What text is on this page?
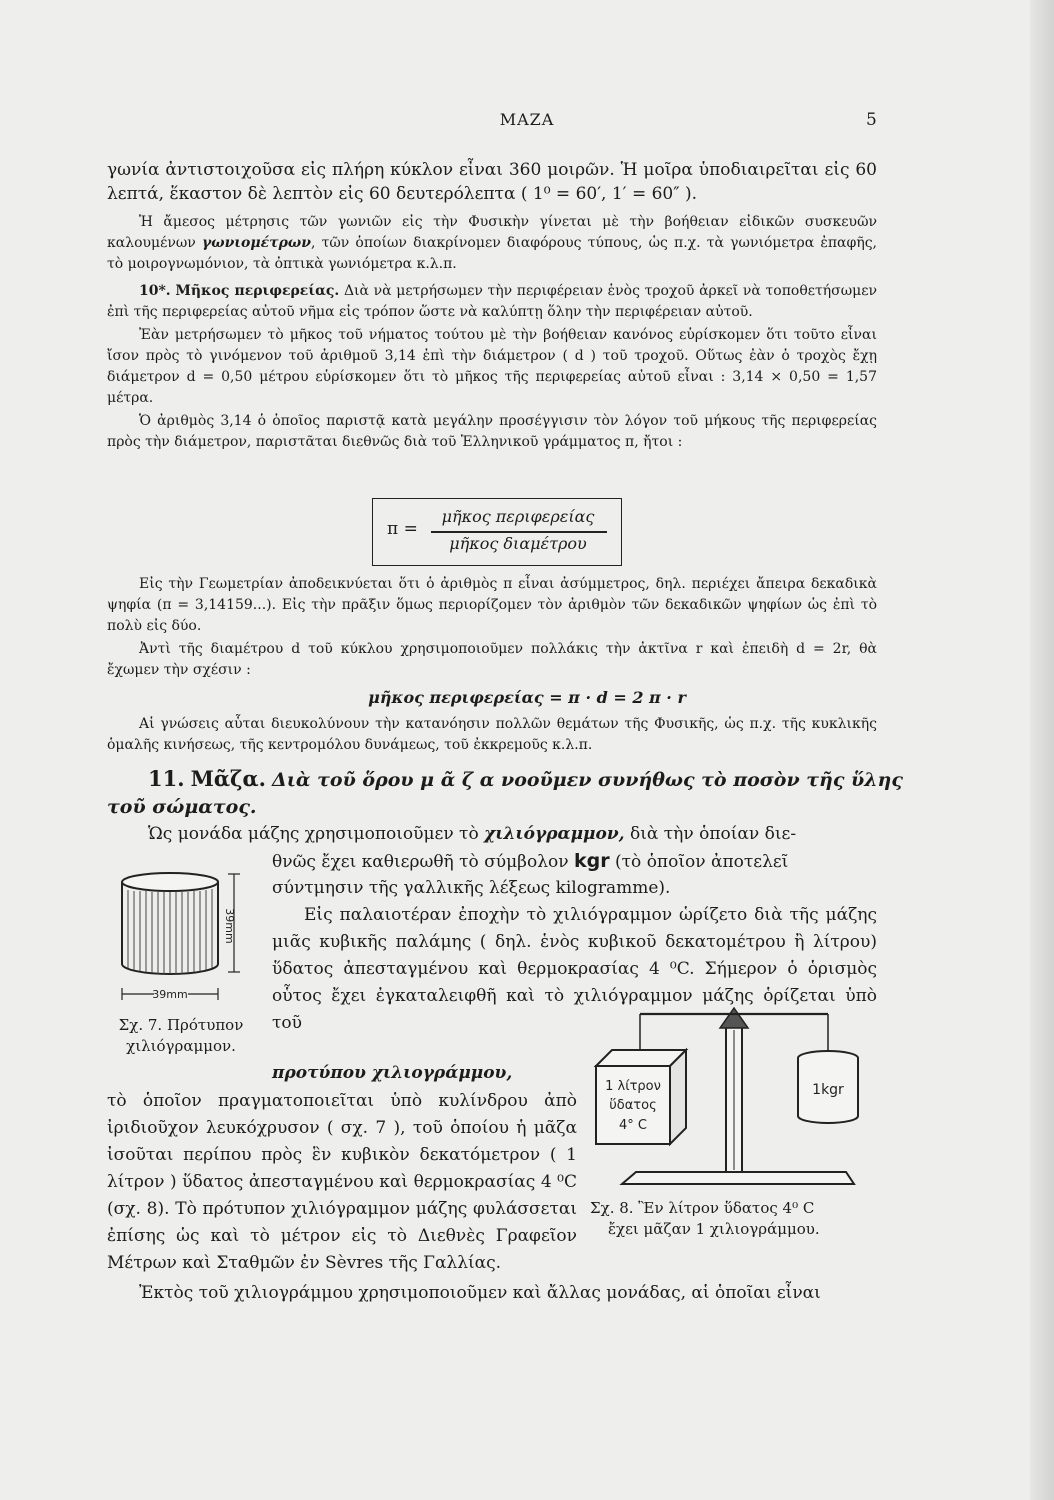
ΜΑΖΑ	5

γωνία ἀντιστοιχοῦσα εἰς πλήρη κύκλον εἶναι 360 μοιρῶν. Ἡ μοῖρα ὑποδιαιρεῖται εἰς 60 λεπτά, ἕκαστον δὲ λεπτὸν εἰς 60 δευτερόλεπτα ( 1⁰ = 60′, 1′ = 60″ ).

Ἡ ἄμεσος μέτρησις τῶν γωνιῶν εἰς τὴν Φυσικὴν γίνεται μὲ τὴν βοήθειαν εἰδικῶν συσκευῶν καλουμένων γωνιομέτρων, τῶν ὁποίων διακρίνομεν διαφόρους τύπους, ὡς π.χ. τὰ γωνιόμετρα ἐπαφῆς, τὸ μοιρογνωμόνιον, τὰ ὀπτικὰ γωνιόμετρα κ.λ.π.

10*. Μῆκος περιφερείας. Διὰ νὰ μετρήσωμεν τὴν περιφέρειαν ἑνὸς τροχοῦ ἀρκεῖ νὰ τοποθετήσωμεν ἐπὶ τῆς περιφερείας αὐτοῦ νῆμα εἰς τρόπον ὥστε νὰ καλύπτῃ ὅλην τὴν περιφέρειαν αὐτοῦ.

Ἐὰν μετρήσωμεν τὸ μῆκος τοῦ νήματος τούτου μὲ τὴν βοήθειαν κανόνος εὑρίσκομεν ὅτι τοῦτο εἶναι ἴσον πρὸς τὸ γινόμενον τοῦ ἀριθμοῦ 3,14 ἐπὶ τὴν διάμετρον ( d ) τοῦ τροχοῦ. Οὕτως ἐὰν ὁ τροχὸς ἔχῃ διάμετρον d = 0,50 μέτρου εὑρίσκομεν ὅτι τὸ μῆκος τῆς περιφερείας αὐτοῦ εἶναι : 3,14 × 0,50 = 1,57 μέτρα.

Ὁ ἀριθμὸς 3,14 ὁ ὁποῖος παριστᾷ κατὰ μεγάλην προσέγγισιν τὸν λόγον τοῦ μήκους τῆς περιφερείας πρὸς τὴν διάμετρον, παριστᾶται διεθνῶς διὰ τοῦ Ἑλληνικοῦ γράμματος π, ἤτοι :

π =
μῆκος περιφερείας
μῆκος διαμέτρου

Εἰς τὴν Γεωμετρίαν ἀποδεικνύεται ὅτι ὁ ἀριθμὸς π εἶναι ἀσύμμετρος, δηλ. περιέχει ἄπειρα δεκαδικὰ ψηφία (π = 3,14159...). Εἰς τὴν πρᾶξιν ὅμως περιορίζομεν τὸν ἀριθμὸν τῶν δεκαδικῶν ψηφίων ὡς ἐπὶ τὸ πολὺ εἰς δύο.

Ἀντὶ τῆς διαμέτρου d τοῦ κύκλου χρησιμοποιοῦμεν πολλάκις τὴν ἀκτῖνα r καὶ ἐπειδὴ d = 2r, θὰ ἔχωμεν τὴν σχέσιν :

μῆκος περιφερείας = π · d = 2 π · r

Αἱ γνώσεις αὗται διευκολύνουν τὴν κατανόησιν πολλῶν θεμάτων τῆς Φυσικῆς, ὡς π.χ. τῆς κυκλικῆς ὁμαλῆς κινήσεως, τῆς κεντρομόλου δυνάμεως, τοῦ ἐκκρεμοῦς κ.λ.π.

11. Μᾶζα. Διὰ τοῦ ὅρου μ ᾶ ζ α νοοῦμεν συνήθως τὸ ποσὸν τῆς ὕλης
τοῦ σώματος.
Ὡς μονάδα μάζης χρησιμοποιοῦμεν τὸ χιλιόγραμμον, διὰ τὴν ὁποίαν διε-
θνῶς ἔχει καθιερωθῆ τὸ σύμβολον kgr (τὸ ὁποῖον ἀποτελεῖ
σύντμησιν τῆς γαλλικῆς λέξεως kilogramme).
39mm
39mm
Σχ. 7. Πρότυπον
χιλιόγραμμον.
Εἰς παλαιοτέραν ἐποχὴν τὸ χιλιόγραμμον ὡρίζετο διὰ τῆς μάζης μιᾶς κυβικῆς παλάμης ( δηλ. ἑνὸς κυβικοῦ δεκατομέτρου ἢ λίτρου) ὕδατος ἀπεσταγμένου καὶ θερμοκρασίας 4 ⁰C. Σήμερον ὁ ὁρισμὸς οὗτος ἔχει ἐγκαταλειφθῆ καὶ τὸ χιλιόγραμμον μάζης ὁρίζεται ὑπὸ τοῦ
προτύπου χιλιογράμμου,
τὸ ὁποῖον πραγματοποιεῖται ὑπὸ κυλίνδρου ἀπὸ ἰριδιοῦχον λευκόχρυσον ( σχ. 7 ), τοῦ ὁποίου ἡ μᾶζα ἰσοῦται περίπου πρὸς ἓν κυβικὸν δεκατόμετρον ( 1 λίτρον ) ὕδατος ἀπεσταγμένου καὶ θερμοκρασίας 4 ⁰C (σχ. 8). Τὸ πρότυπον χιλιόγραμμον μάζης φυλάσσεται ἐπίσης ὡς καὶ τὸ μέτρον εἰς τὸ Διεθνὲς Γραφεῖον Μέτρων καὶ Σταθμῶν ἐν Sèvres τῆς Γαλλίας.
1 λίτρον
ὕδατος
4° C
1kgr
Σχ. 8. Ἓν λίτρον ὕδατος 4⁰ C
ἔχει μᾶζαν 1 χιλιογράμμου.
Ἐκτὸς τοῦ χιλιογράμμου χρησιμοποιοῦμεν καὶ ἄλλας μονάδας, αἱ ὁποῖαι εἶναι
